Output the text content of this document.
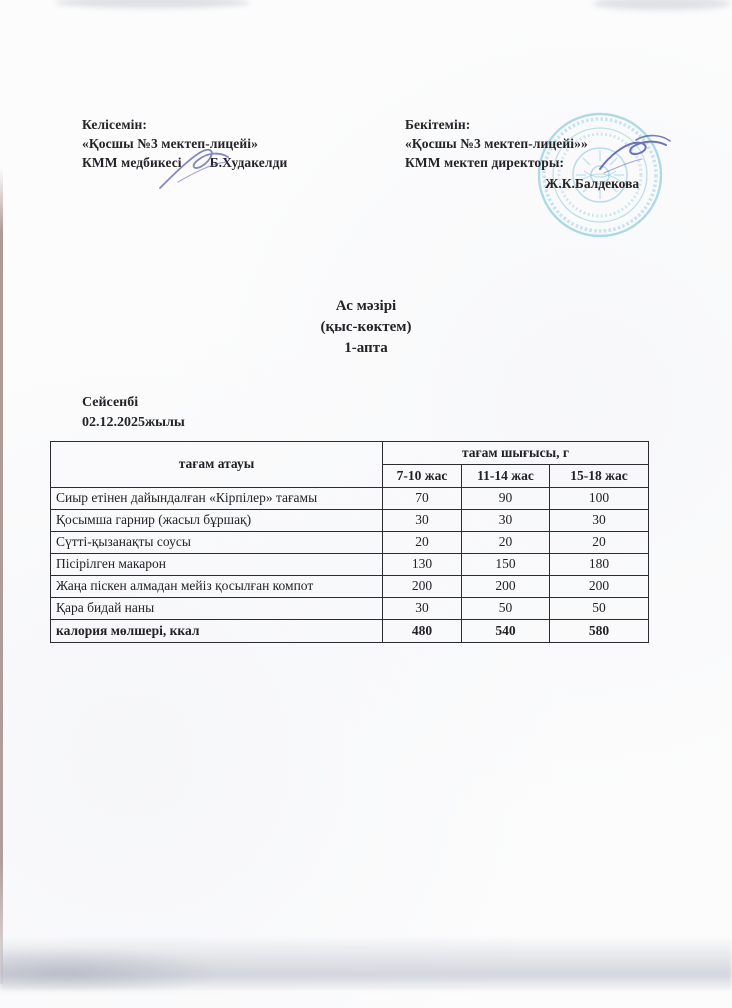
Келісемін:
«Қосшы №3 мектеп-лицейі»
КММ медбикесі Б.Худакелди
Бекітемін:
«Қосшы №3 мектеп-лицейі»»
КММ мектеп директоры:
Ж.К.Балдекова
Ас мәзірі
(қыс-көктем)
1-апта
Сейсенбі
02.12.2025жылы
тағам атауы	тағам шығысы, г		
	7-10 жас	11-14 жас	15-18 жас
Сиыр етінен дайындалған «Кірпілер» тағамы	70	90	100
Қосымша гарнир (жасыл бұршақ)	30	30	30
Сүтті-қызанақты соусы	20	20	20
Пісірілген макарон	130	150	180
Жаңа піскен алмадан мейіз қосылған компот	200	200	200
Қара бидай наны	30	50	50
калория мөлшері, ккал	480	540	580
